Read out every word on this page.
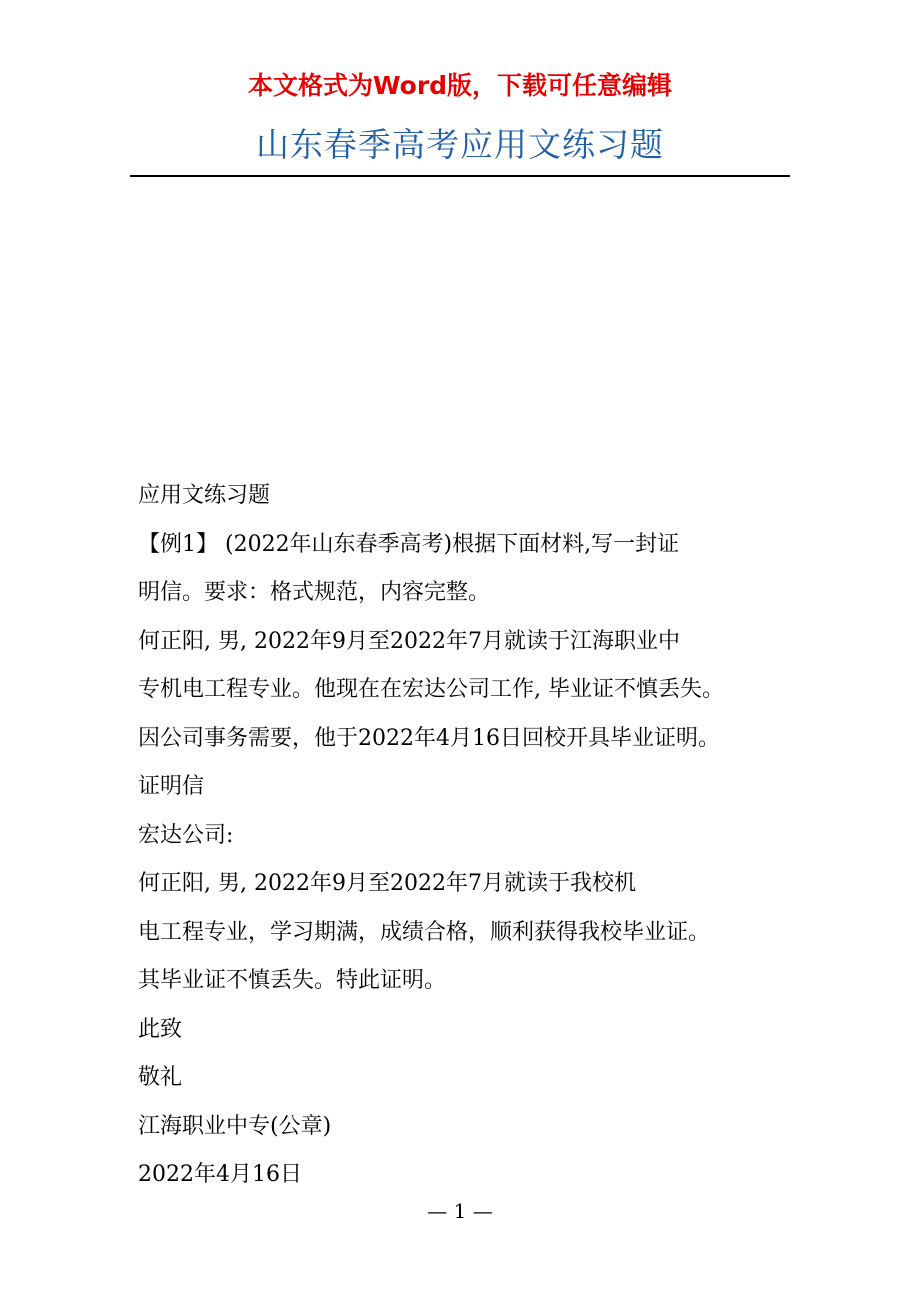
本文格式为Word版，下载可任意编辑
山东春季高考应用文练习题

应用文练习题

【例1】 (2022年山东春季高考)根据下面材料,写一封证

明信。要求：格式规范，内容完整。

何正阳, 男, 2022年9月至2022年7月就读于江海职业中

专机电工程专业。他现在在宏达公司工作, 毕业证不慎丢失。

因公司事务需要，他于2022年4月16日回校开具毕业证明。

证明信

宏达公司:

何正阳, 男, 2022年9月至2022年7月就读于我校机

电工程专业，学习期满，成绩合格，顺利获得我校毕业证。

其毕业证不慎丢失。特此证明。

此致

敬礼

江海职业中专(公章)

2022年4月16日

— 1 —
